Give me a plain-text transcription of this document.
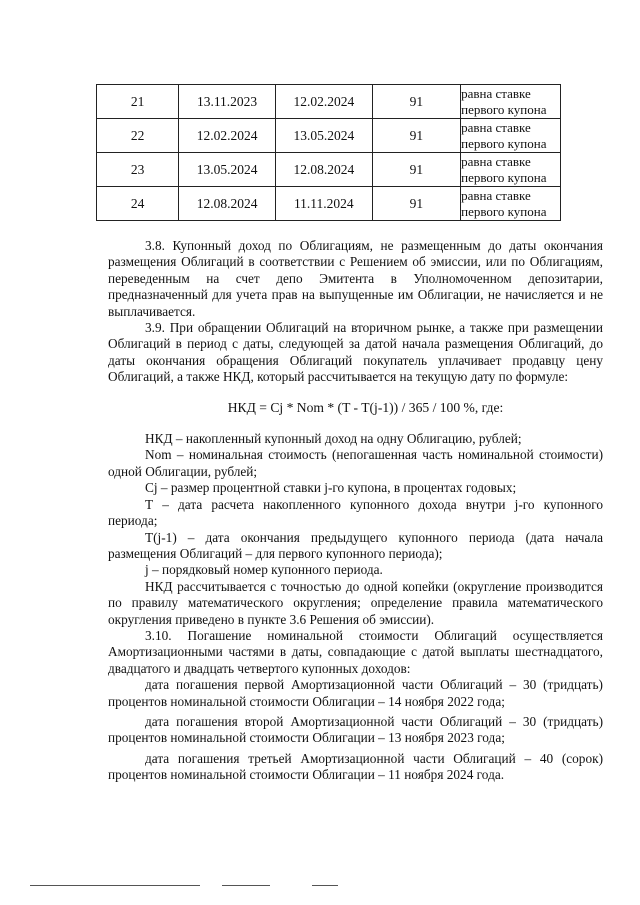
21	13.11.2023	12.02.2024	91	равна ставке
первого купона
22	12.02.2024	13.05.2024	91	равна ставке
первого купона
23	13.05.2024	12.08.2024	91	равна ставке
первого купона
24	12.08.2024	11.11.2024	91	равна ставке
первого купона

3.8. Купонный доход по Облигациям, не размещенным до даты окончания размещения Облигаций в соответствии с Решением об эмиссии, или по Облигациям, переведенным на счет депо Эмитента в Уполномоченном депозитарии, предназначенный для учета прав на выпущенные им Облигации, не начисляется и не выплачивается.

3.9. При обращении Облигаций на вторичном рынке, а также при размещении Облигаций в период с даты, следующей за датой начала размещения Облигаций, до даты окончания обращения Облигаций покупатель уплачивает продавцу цену Облигаций, а также НКД, который рассчитывается на текущую дату по формуле:

НКД = Cj * Nom * (T - T(j-1)) / 365 / 100 %, где:

НКД – накопленный купонный доход на одну Облигацию, рублей;

Nom – номинальная стоимость (непогашенная часть номинальной стоимости) одной Облигации, рублей;

Cj – размер процентной ставки j-го купона, в процентах годовых;

Т – дата расчета накопленного купонного дохода внутри j-го купонного периода;

T(j-1) – дата окончания предыдущего купонного периода (дата начала размещения Облигаций – для первого купонного периода);

j – порядковый номер купонного периода.

НКД рассчитывается с точностью до одной копейки (округление производится по правилу математического округления; определение правила математического округления приведено в пункте 3.6 Решения об эмиссии).

3.10. Погашение номинальной стоимости Облигаций осуществляется Амортизационными частями в даты, совпадающие с датой выплаты шестнадцатого, двадцатого и двадцать четвертого купонных доходов:

дата погашения первой Амортизационной части Облигаций – 30 (тридцать) процентов номинальной стоимости Облигации – 14 ноября 2022 года;

дата погашения второй Амортизационной части Облигаций – 30 (тридцать) процентов номинальной стоимости Облигации – 13 ноября 2023 года;

дата погашения третьей Амортизационной части Облигаций – 40 (сорок) процентов номинальной стоимости Облигации – 11 ноября 2024 года.
